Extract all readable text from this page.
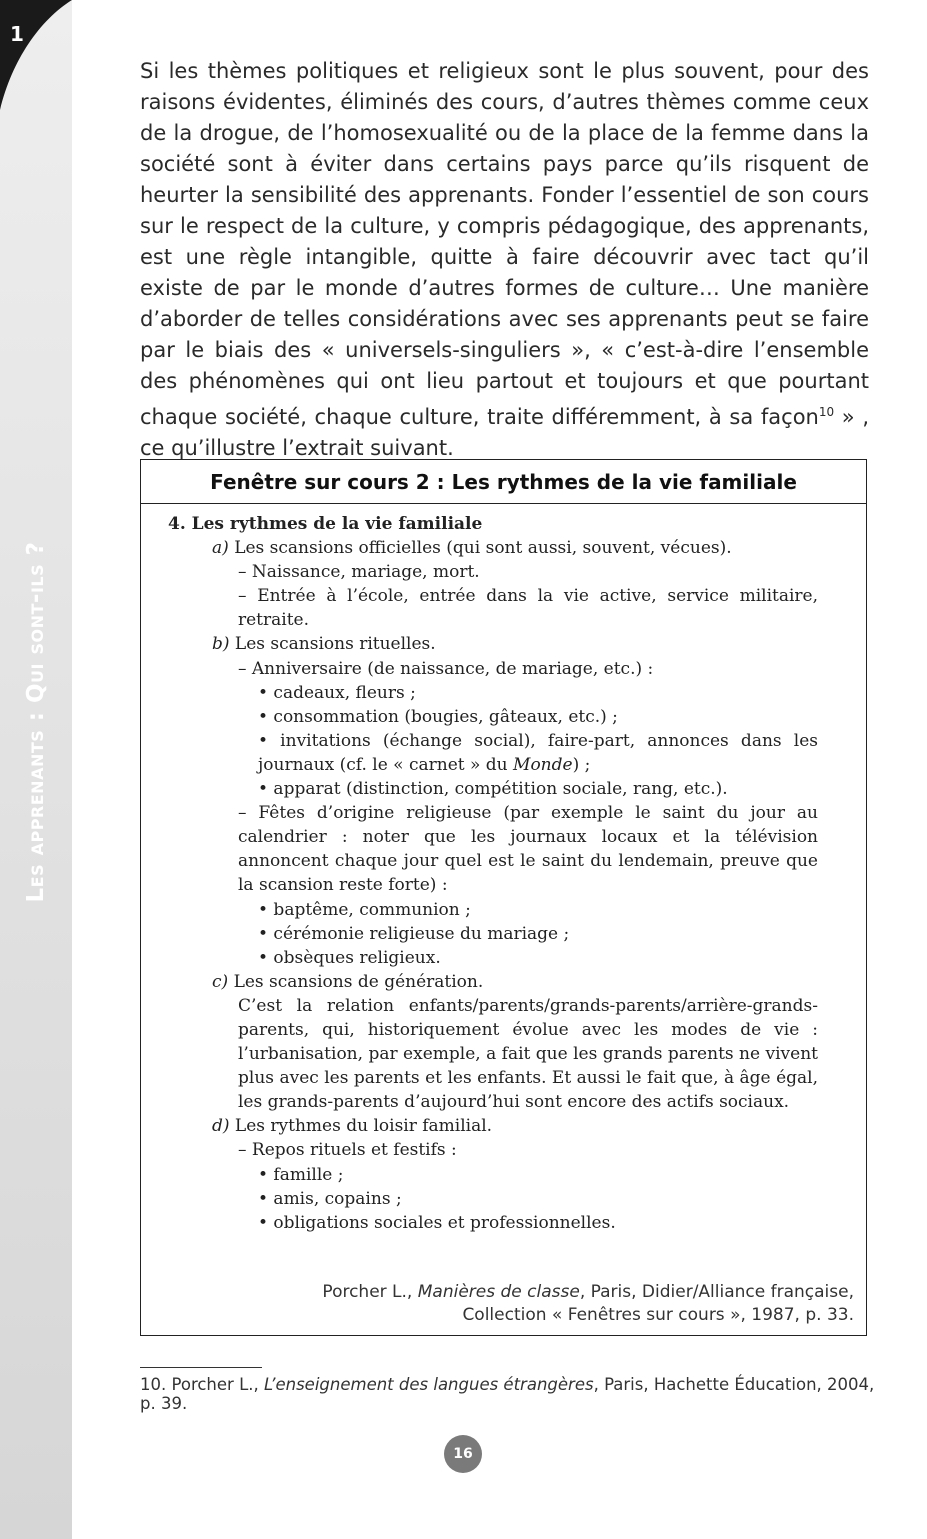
1
Les apprenants : Qui sont-ils ?
Si les thèmes politiques et religieux sont le plus souvent, pour des raisons évidentes, éliminés des cours, d’autres thèmes comme ceux de la drogue, de l’homosexualité ou de la place de la femme dans la société sont à éviter dans certains pays parce qu’ils risquent de heurter la sensibilité des apprenants. Fonder l’essentiel de son cours sur le respect de la culture, y compris pédagogique, des apprenants, est une règle intangible, quitte à faire découvrir avec tact qu’il existe de par le monde d’autres formes de culture… Une manière d’aborder de telles considérations avec ses apprenants peut se faire par le biais des « universels-singuliers », « c’est-à-dire l’ensemble des phénomènes qui ont lieu partout et toujours et que pourtant chaque société, chaque culture, traite différemment, à sa façon$^{10}$ » , ce qu’illustre l’extrait suivant.
Fenêtre sur cours 2 : Les rythmes de la vie familiale
4. Les rythmes de la vie familiale
a) Les scansions officielles (qui sont aussi, souvent, vécues).
– Naissance, mariage, mort.
– Entrée à l’école, entrée dans la vie active, service militaire, retraite.
b) Les scansions rituelles.
– Anniversaire (de naissance, de mariage, etc.) :
• cadeaux, fleurs ;
• consommation (bougies, gâteaux, etc.) ;
• invitations (échange social), faire-part, annonces dans les journaux (cf. le « carnet » du Monde) ;
• apparat (distinction, compétition sociale, rang, etc.).
– Fêtes d’origine religieuse (par exemple le saint du jour au calendrier : noter que les journaux locaux et la télévision annoncent chaque jour quel est le saint du lendemain, preuve que la scansion reste forte) :
• baptême, communion ;
• cérémonie religieuse du mariage ;
• obsèques religieux.
c) Les scansions de génération.
C’est la relation enfants/parents/grands-parents/arrière-grands-parents, qui, historiquement évolue avec les modes de vie : l’urbanisation, par exemple, a fait que les grands parents ne vivent plus avec les parents et les enfants. Et aussi le fait que, à âge égal, les grands-parents d’aujourd’hui sont encore des actifs sociaux.
d) Les rythmes du loisir familial.
– Repos rituels et festifs :
• famille ;
• amis, copains ;
• obligations sociales et professionnelles.
Porcher L., Manières de classe, Paris, Didier/Alliance française,
Collection « Fenêtres sur cours », 1987, p. 33.
10. Porcher L., L’enseignement des langues étrangères, Paris, Hachette Éducation, 2004, p. 39.
16
